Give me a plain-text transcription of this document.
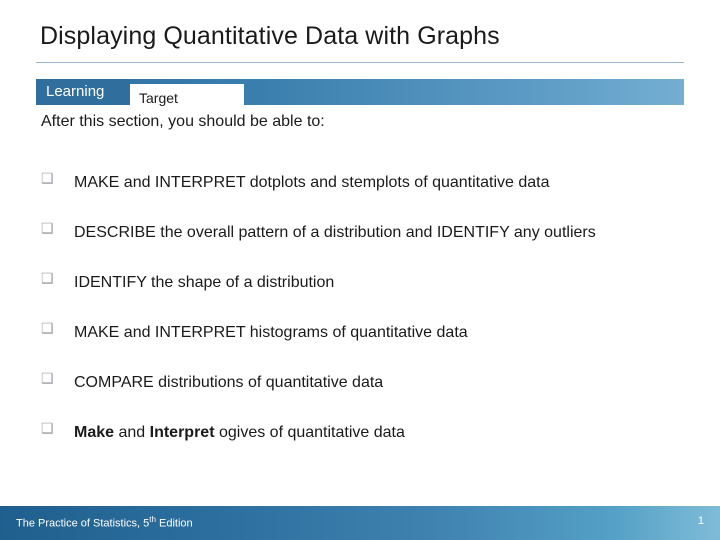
Displaying Quantitative Data with Graphs
Learning Target
After this section, you should be able to:
❑	MAKE and INTERPRET dotplots and stemplots of quantitative data
❑	DESCRIBE the overall pattern of a distribution and IDENTIFY any outliers
❑	IDENTIFY the shape of a distribution
❑	MAKE and INTERPRET histograms of quantitative data
❑	COMPARE distributions of quantitative data
❑	Make and Interpret ogives of quantitative data
The Practice of Statistics, 5th Edition	1
